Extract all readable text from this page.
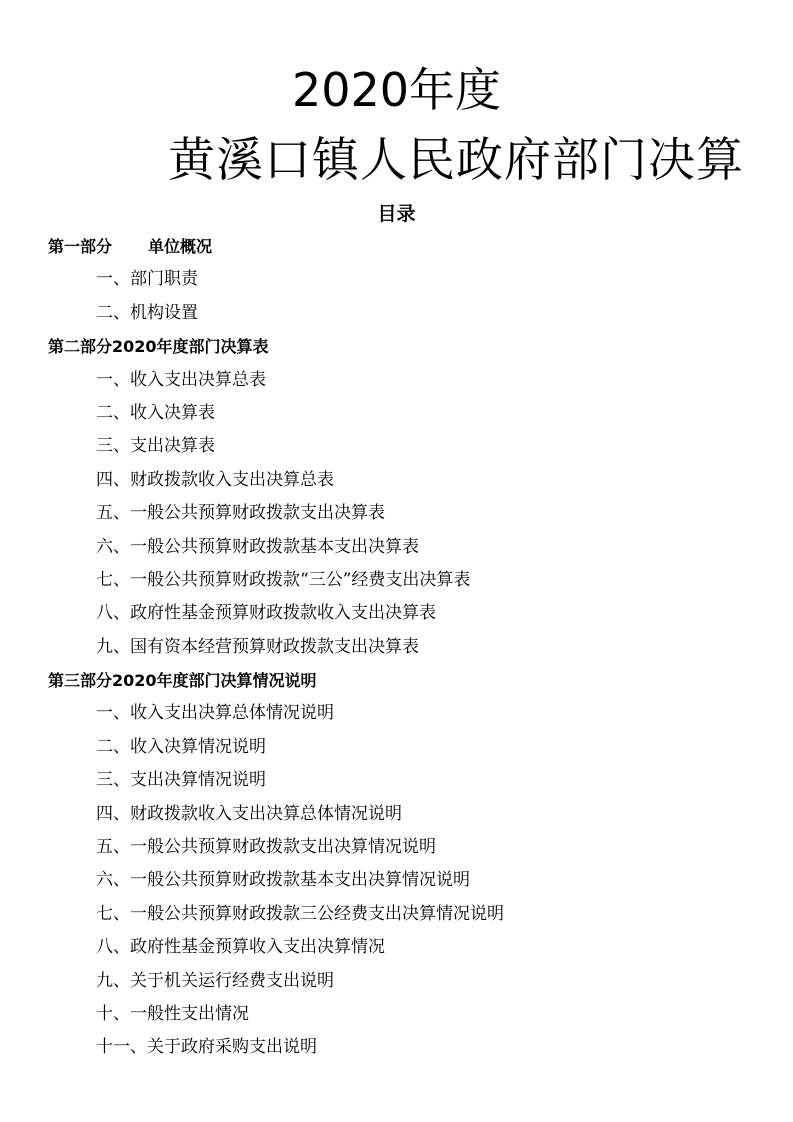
2020年度
黄溪口镇人民政府部门决算
目录
第一部分 单位概况
一、部门职责
二、机构设置
第二部分2020年度部门决算表
一、收入支出决算总表
二、收入决算表
三、支出决算表
四、财政拨款收入支出决算总表
五、一般公共预算财政拨款支出决算表
六、一般公共预算财政拨款基本支出决算表
七、一般公共预算财政拨款“三公”经费支出决算表
八、政府性基金预算财政拨款收入支出决算表
九、国有资本经营预算财政拨款支出决算表
第三部分2020年度部门决算情况说明
一、收入支出决算总体情况说明
二、收入决算情况说明
三、支出决算情况说明
四、财政拨款收入支出决算总体情况说明
五、一般公共预算财政拨款支出决算情况说明
六、一般公共预算财政拨款基本支出决算情况说明
七、一般公共预算财政拨款三公经费支出决算情况说明
八、政府性基金预算收入支出决算情况
九、关于机关运行经费支出说明
十、一般性支出情况
十一、关于政府采购支出说明
